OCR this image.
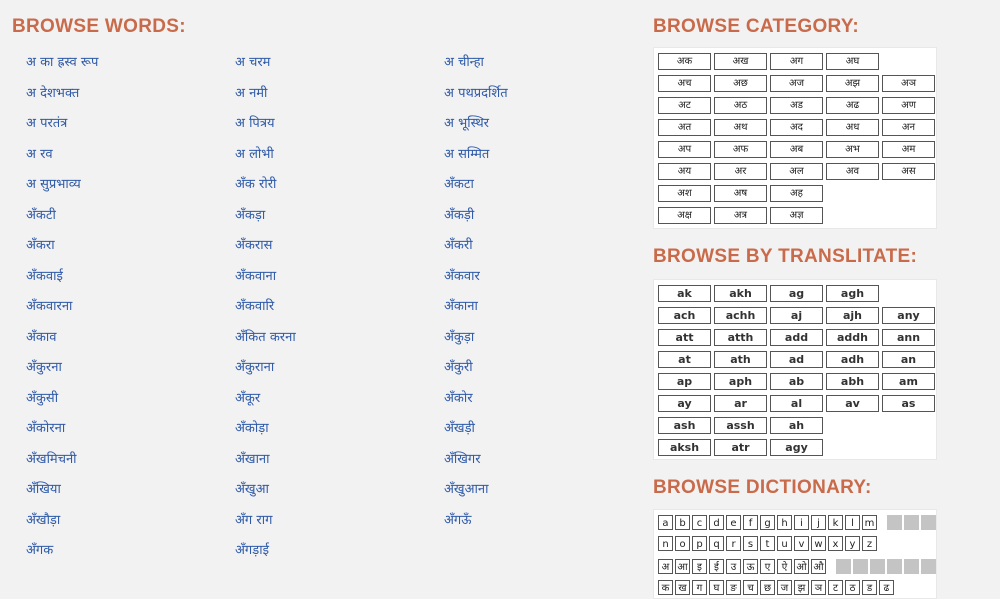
BROWSE WORDS:
अ का ह्रस्व रूप	अ चरम	अ चीन्हा
अ देशभक्त	अ नमी	अ पथप्रदर्शित
अ परतंत्र	अ पित्रय	अ भूस्थिर
अ रव	अ लोभी	अ सम्मित
अ सुप्रभाव्य	अँक रोरी	अँकटा
अँकटी	अँकड़ा	अँकड़ी
अँकरा	अँकरास	अँकरी
अँकवाई	अँकवाना	अँकवार
अँकवारना	अँकवारि	अँकाना
अँकाव	अँकित करना	अँकुड़ा
अँकुरना	अँकुराना	अँकुरी
अँकुसी	अँकूर	अँकोर
अँकोरना	अँकोड़ा	अँखड़ी
अँखमिचनी	अँखाना	अँखिगर
अँखिया	अँखुआ	अँखुआना
अँखौड़ा	अँग राग	अँगऊँ
अँगक	अँगड़ाई
BROWSE CATEGORY:
अक	अख	अग	अघ
अच	अछ	अज	अझ	अञ
अट	अठ	अड	अढ	अण
अत	अथ	अद	अध	अन
अप	अफ	अब	अभ	अम
अय	अर	अल	अव	अस
अश	अष	अह
अक्ष	अत्र	अज्ञ
BROWSE BY TRANSLITATE:
ak	akh	ag	agh
ach	achh	aj	ajh	any
att	atth	add	addh	ann
at	ath	ad	adh	an
ap	aph	ab	abh	am
ay	ar	al	av	as
ash	assh	ah
aksh	atr	agy
BROWSE DICTIONARY:
a	b	c	d	e	f	g	h	i	j	k	l	m
n	o	p	q	r	s	t	u	v w x	y	z
अ आ इ	ई	उ	ऊ	ए	ऐ ओ औ
क ख	ग	घ	ङ	च	छ ज झ ञ	ट	ठ	ड	ढ
